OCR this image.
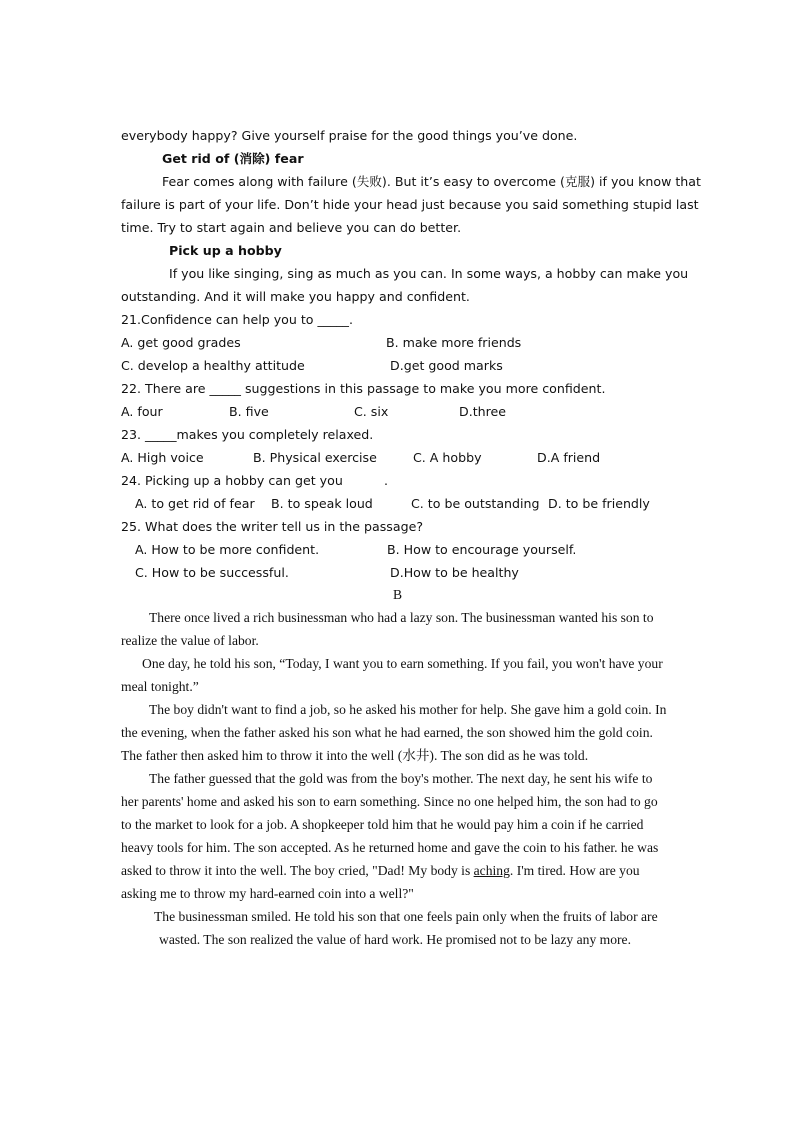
everybody happy? Give yourself praise for the good things you’ve done.
Get rid of (消除) fear
Fear comes along with failure (失败). But it’s easy to overcome (克服) if you know that
failure is part of your life. Don’t hide your head just because you said something stupid last
time. Try to start again and believe you can do better.
Pick up a hobby
If you like singing, sing as much as you can. In some ways, a hobby can make you
outstanding. And it will make you happy and confident.
21.Confidence can help you to _____.
A. get good grades	B. make more friends
C. develop a healthy attitude	D.get good marks
22. There are _____ suggestions in this passage to make you more confident.
A. four	B. five	C. six	D.three
23. _____makes you completely relaxed.
A. High voice	B. Physical exercise	C. A hobby	D.A friend
24. Picking up a hobby can get you	.
A. to get rid of fear B. to speak loud	C. to be outstanding D. to be friendly
25. What does the writer tell us in the passage?
A. How to be more confident.	B. How to encourage yourself.
C. How to be successful.	D.How to be healthy
B
There once lived a rich businessman who had a lazy son. The businessman wanted his son to
realize the value of labor.
One day, he told his son, “Today, I want you to earn something. If you fail, you won't have your
meal tonight.”
The boy didn't want to find a job, so he asked his mother for help. She gave him a gold coin. In
the evening, when the father asked his son what he had earned, the son showed him the gold coin.
The father then asked him to throw it into the well (水井). The son did as he was told.
The father guessed that the gold was from the boy's mother. The next day, he sent his wife to
her parents' home and asked his son to earn something. Since no one helped him, the son had to go
to the market to look for a job. A shopkeeper told him that he would pay him a coin if he carried
heavy tools for him. The son accepted. As he returned home and gave the coin to his father. he was
asked to throw it into the well. The boy cried, "Dad! My body is aching. I'm tired. How are you
asking me to throw my hard-earned coin into a well?"
The businessman smiled. He told his son that one feels pain only when the fruits of labor are
wasted. The son realized the value of hard work. He promised not to be lazy any more.
